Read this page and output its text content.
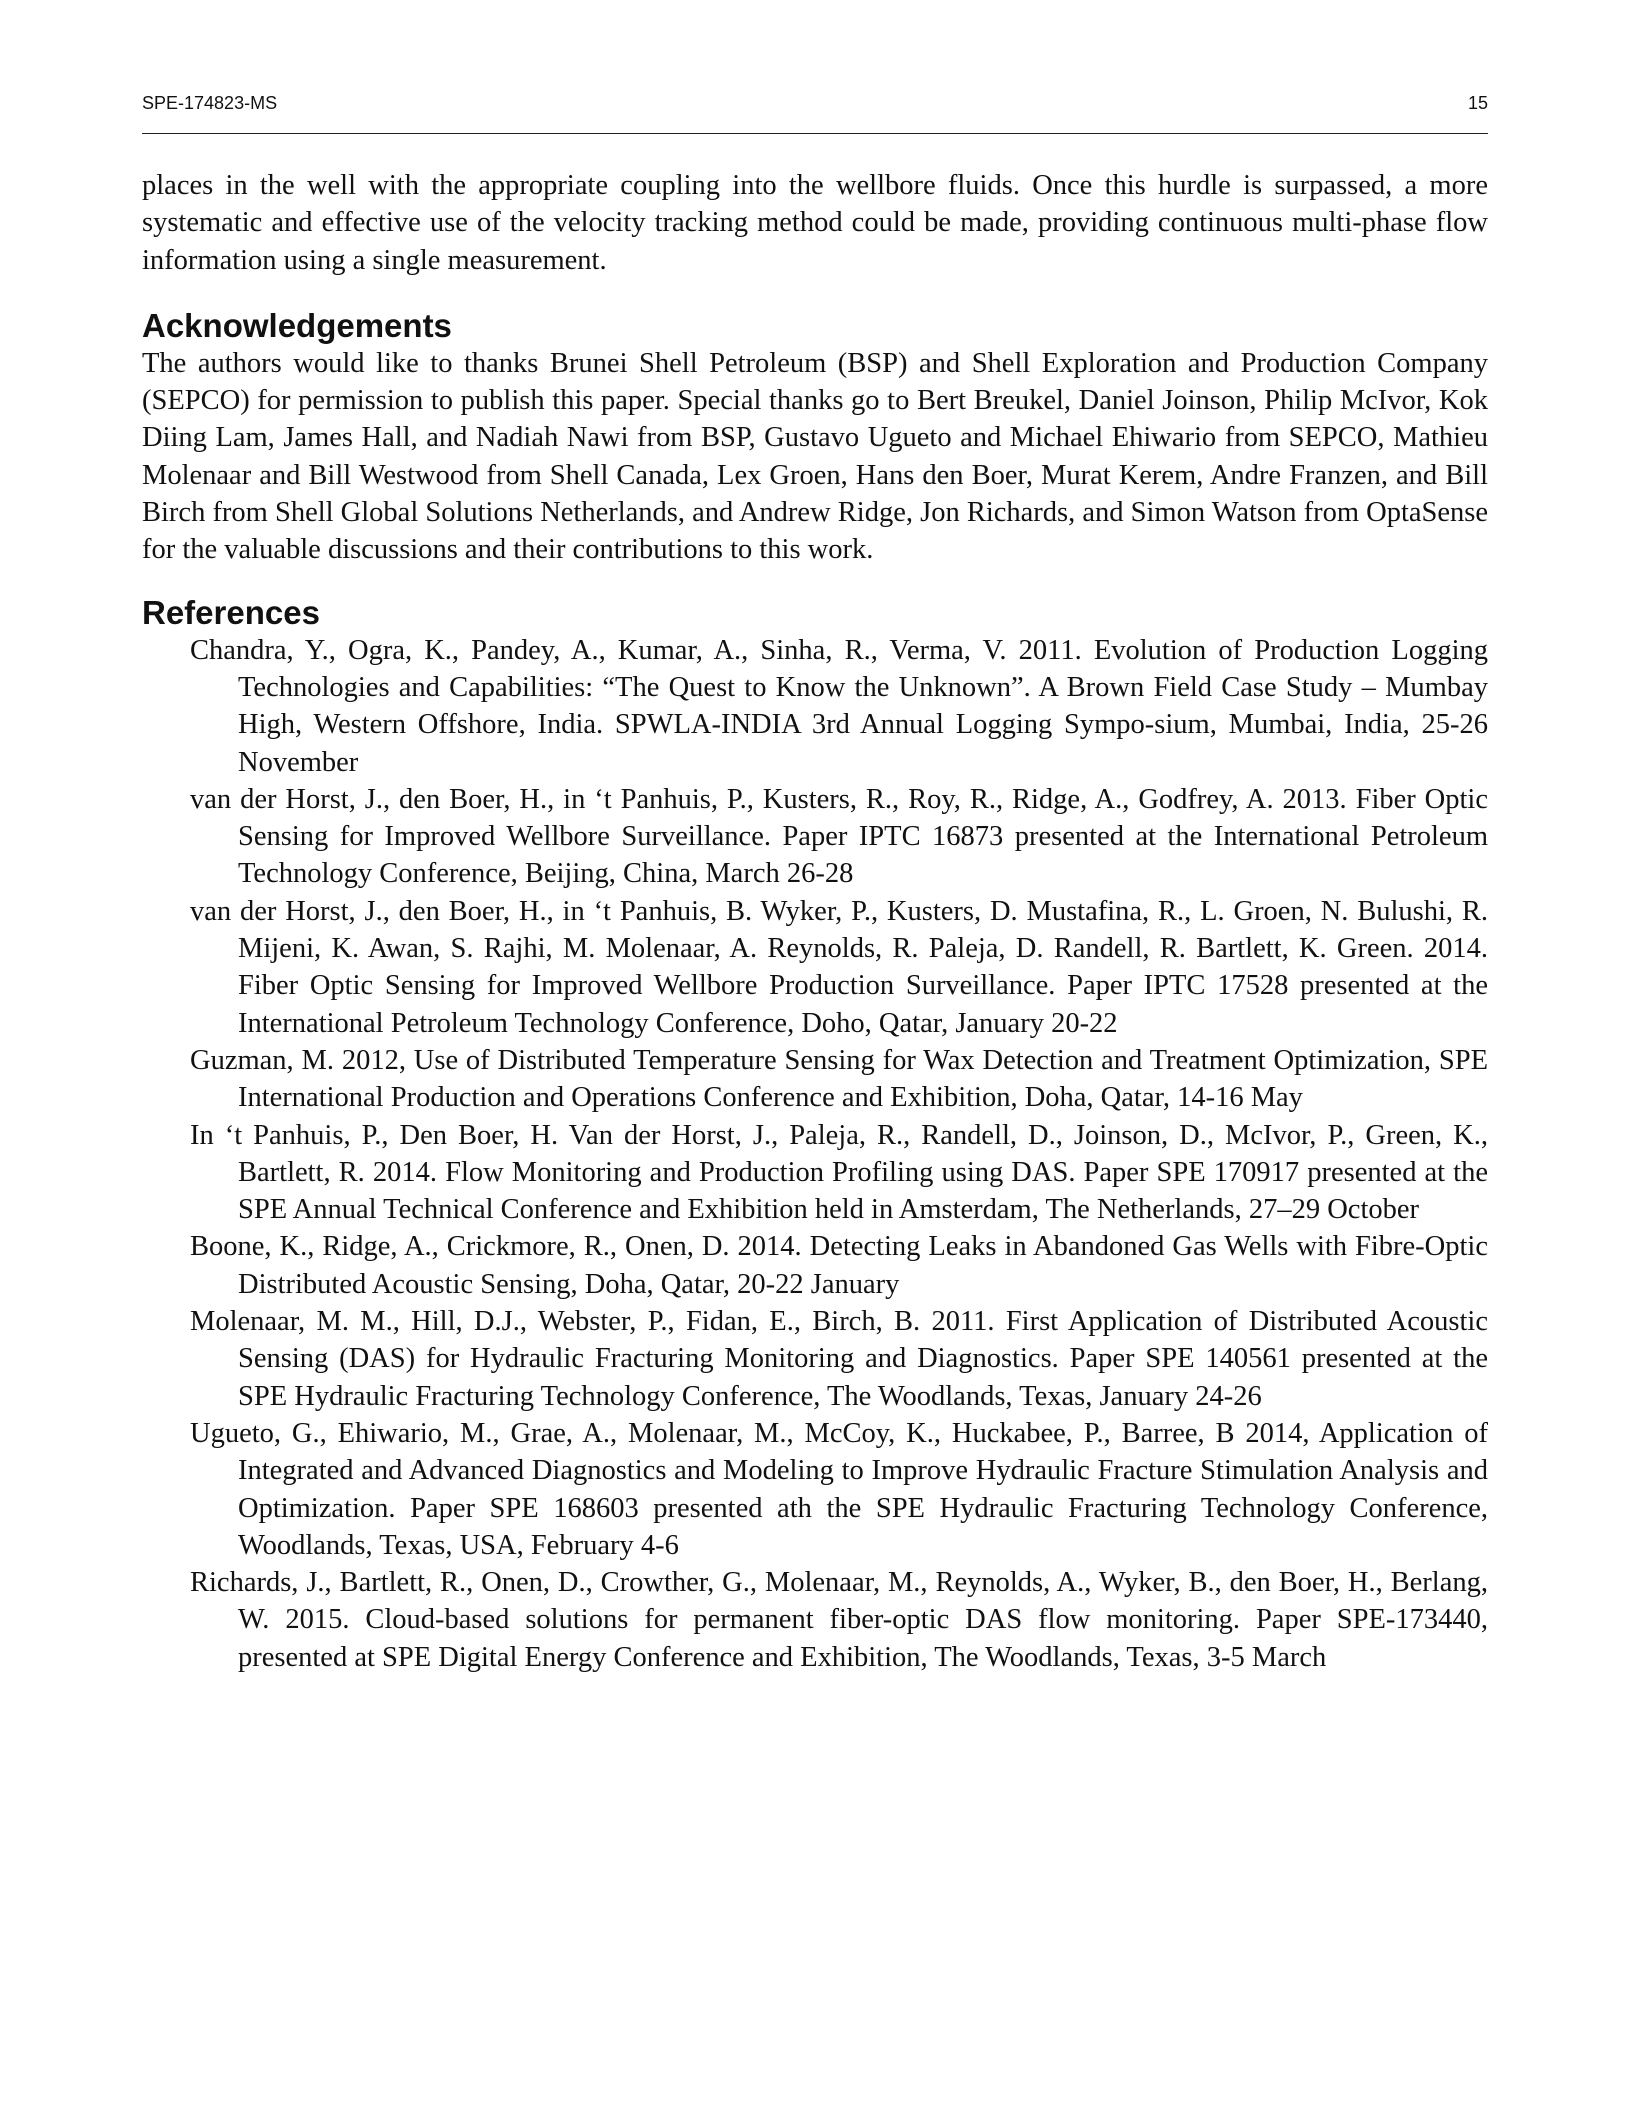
SPE-174823-MS	15

places in the well with the appropriate coupling into the wellbore fluids. Once this hurdle is surpassed, a more systematic and effective use of the velocity tracking method could be made, providing continuous multi-phase flow information using a single measurement.

Acknowledgements

The authors would like to thanks Brunei Shell Petroleum (BSP) and Shell Exploration and Production Company (SEPCO) for permission to publish this paper. Special thanks go to Bert Breukel, Daniel Joinson, Philip McIvor, Kok Diing Lam, James Hall, and Nadiah Nawi from BSP, Gustavo Ugueto and Michael Ehiwario from SEPCO, Mathieu Molenaar and Bill Westwood from Shell Canada, Lex Groen, Hans den Boer, Murat Kerem, Andre Franzen, and Bill Birch from Shell Global Solutions Netherlands, and Andrew Ridge, Jon Richards, and Simon Watson from OptaSense for the valuable discussions and their contributions to this work.

References
Chandra, Y., Ogra, K., Pandey, A., Kumar, A., Sinha, R., Verma, V. 2011. Evolution of Production Logging Technologies and Capabilities: “The Quest to Know the Unknown”. A Brown Field Case Study – Mumbay High, Western Offshore, India. SPWLA-INDIA 3rd Annual Logging Sympo-sium, Mumbai, India, 25-26 November
van der Horst, J., den Boer, H., in ‘t Panhuis, P., Kusters, R., Roy, R., Ridge, A., Godfrey, A. 2013. Fiber Optic Sensing for Improved Wellbore Surveillance. Paper IPTC 16873 presented at the International Petroleum Technology Conference, Beijing, China, March 26-28
van der Horst, J., den Boer, H., in ‘t Panhuis, B. Wyker, P., Kusters, D. Mustafina, R., L. Groen, N. Bulushi, R. Mijeni, K. Awan, S. Rajhi, M. Molenaar, A. Reynolds, R. Paleja, D. Randell, R. Bartlett, K. Green. 2014. Fiber Optic Sensing for Improved Wellbore Production Surveillance. Paper IPTC 17528 presented at the International Petroleum Technology Conference, Doho, Qatar, January 20-22
Guzman, M. 2012, Use of Distributed Temperature Sensing for Wax Detection and Treatment Optimization, SPE International Production and Operations Conference and Exhibition, Doha, Qatar, 14-16 May
In ‘t Panhuis, P., Den Boer, H. Van der Horst, J., Paleja, R., Randell, D., Joinson, D., McIvor, P., Green, K., Bartlett, R. 2014. Flow Monitoring and Production Profiling using DAS. Paper SPE 170917 presented at the SPE Annual Technical Conference and Exhibition held in Amsterdam, The Netherlands, 27–29 October
Boone, K., Ridge, A., Crickmore, R., Onen, D. 2014. Detecting Leaks in Abandoned Gas Wells with Fibre-Optic Distributed Acoustic Sensing, Doha, Qatar, 20-22 January
Molenaar, M. M., Hill, D.J., Webster, P., Fidan, E., Birch, B. 2011. First Application of Distributed Acoustic Sensing (DAS) for Hydraulic Fracturing Monitoring and Diagnostics. Paper SPE 140561 presented at the SPE Hydraulic Fracturing Technology Conference, The Woodlands, Texas, January 24-26
Ugueto, G., Ehiwario, M., Grae, A., Molenaar, M., McCoy, K., Huckabee, P., Barree, B 2014, Application of Integrated and Advanced Diagnostics and Modeling to Improve Hydraulic Fracture Stimulation Analysis and Optimization. Paper SPE 168603 presented ath the SPE Hydraulic Fracturing Technology Conference, Woodlands, Texas, USA, February 4-6
Richards, J., Bartlett, R., Onen, D., Crowther, G., Molenaar, M., Reynolds, A., Wyker, B., den Boer, H., Berlang, W. 2015. Cloud-based solutions for permanent fiber-optic DAS flow monitoring. Paper SPE-173440, presented at SPE Digital Energy Conference and Exhibition, The Woodlands, Texas, 3-5 March
